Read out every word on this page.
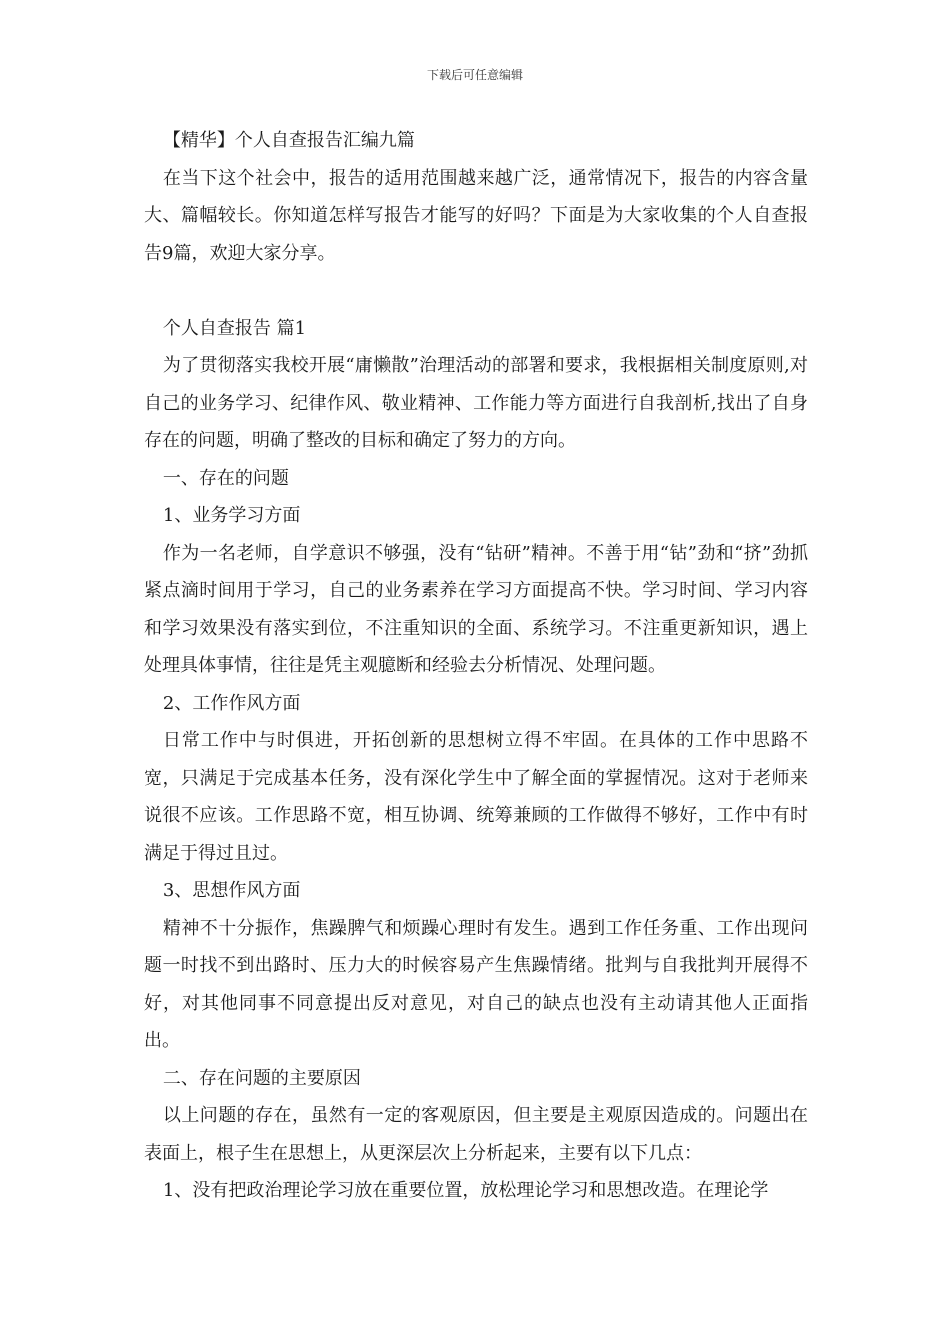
下载后可任意编辑

【精华】个人自查报告汇编九篇

在当下这个社会中，报告的适用范围越来越广泛，通常情况下，报告的内容含量大、篇幅较长。你知道怎样写报告才能写的好吗？下面是为大家收集的个人自查报告9篇，欢迎大家分享。

个人自查报告 篇1

为了贯彻落实我校开展“庸懒散”治理活动的部署和要求，我根据相关制度原则,对自己的业务学习、纪律作风、敬业精神、工作能力等方面进行自我剖析,找出了自身存在的问题，明确了整改的目标和确定了努力的方向。

一、存在的问题

1、业务学习方面

作为一名老师，自学意识不够强，没有“钻研”精神。不善于用“钻”劲和“挤”劲抓紧点滴时间用于学习，自己的业务素养在学习方面提高不快。学习时间、学习内容和学习效果没有落实到位，不注重知识的全面、系统学习。不注重更新知识，遇上处理具体事情，往往是凭主观臆断和经验去分析情况、处理问题。

2、工作作风方面

日常工作中与时俱进，开拓创新的思想树立得不牢固。在具体的工作中思路不宽，只满足于完成基本任务，没有深化学生中了解全面的掌握情况。这对于老师来说很不应该。工作思路不宽，相互协调、统筹兼顾的工作做得不够好，工作中有时满足于得过且过。

3、思想作风方面

精神不十分振作，焦躁脾气和烦躁心理时有发生。遇到工作任务重、工作出现问题一时找不到出路时、压力大的时候容易产生焦躁情绪。批判与自我批判开展得不好，对其他同事不同意提出反对意见，对自己的缺点也没有主动请其他人正面指出。

二、存在问题的主要原因

以上问题的存在，虽然有一定的客观原因，但主要是主观原因造成的。问题出在表面上，根子生在思想上，从更深层次上分析起来，主要有以下几点：

1、没有把政治理论学习放在重要位置，放松理论学习和思想改造。在理论学
